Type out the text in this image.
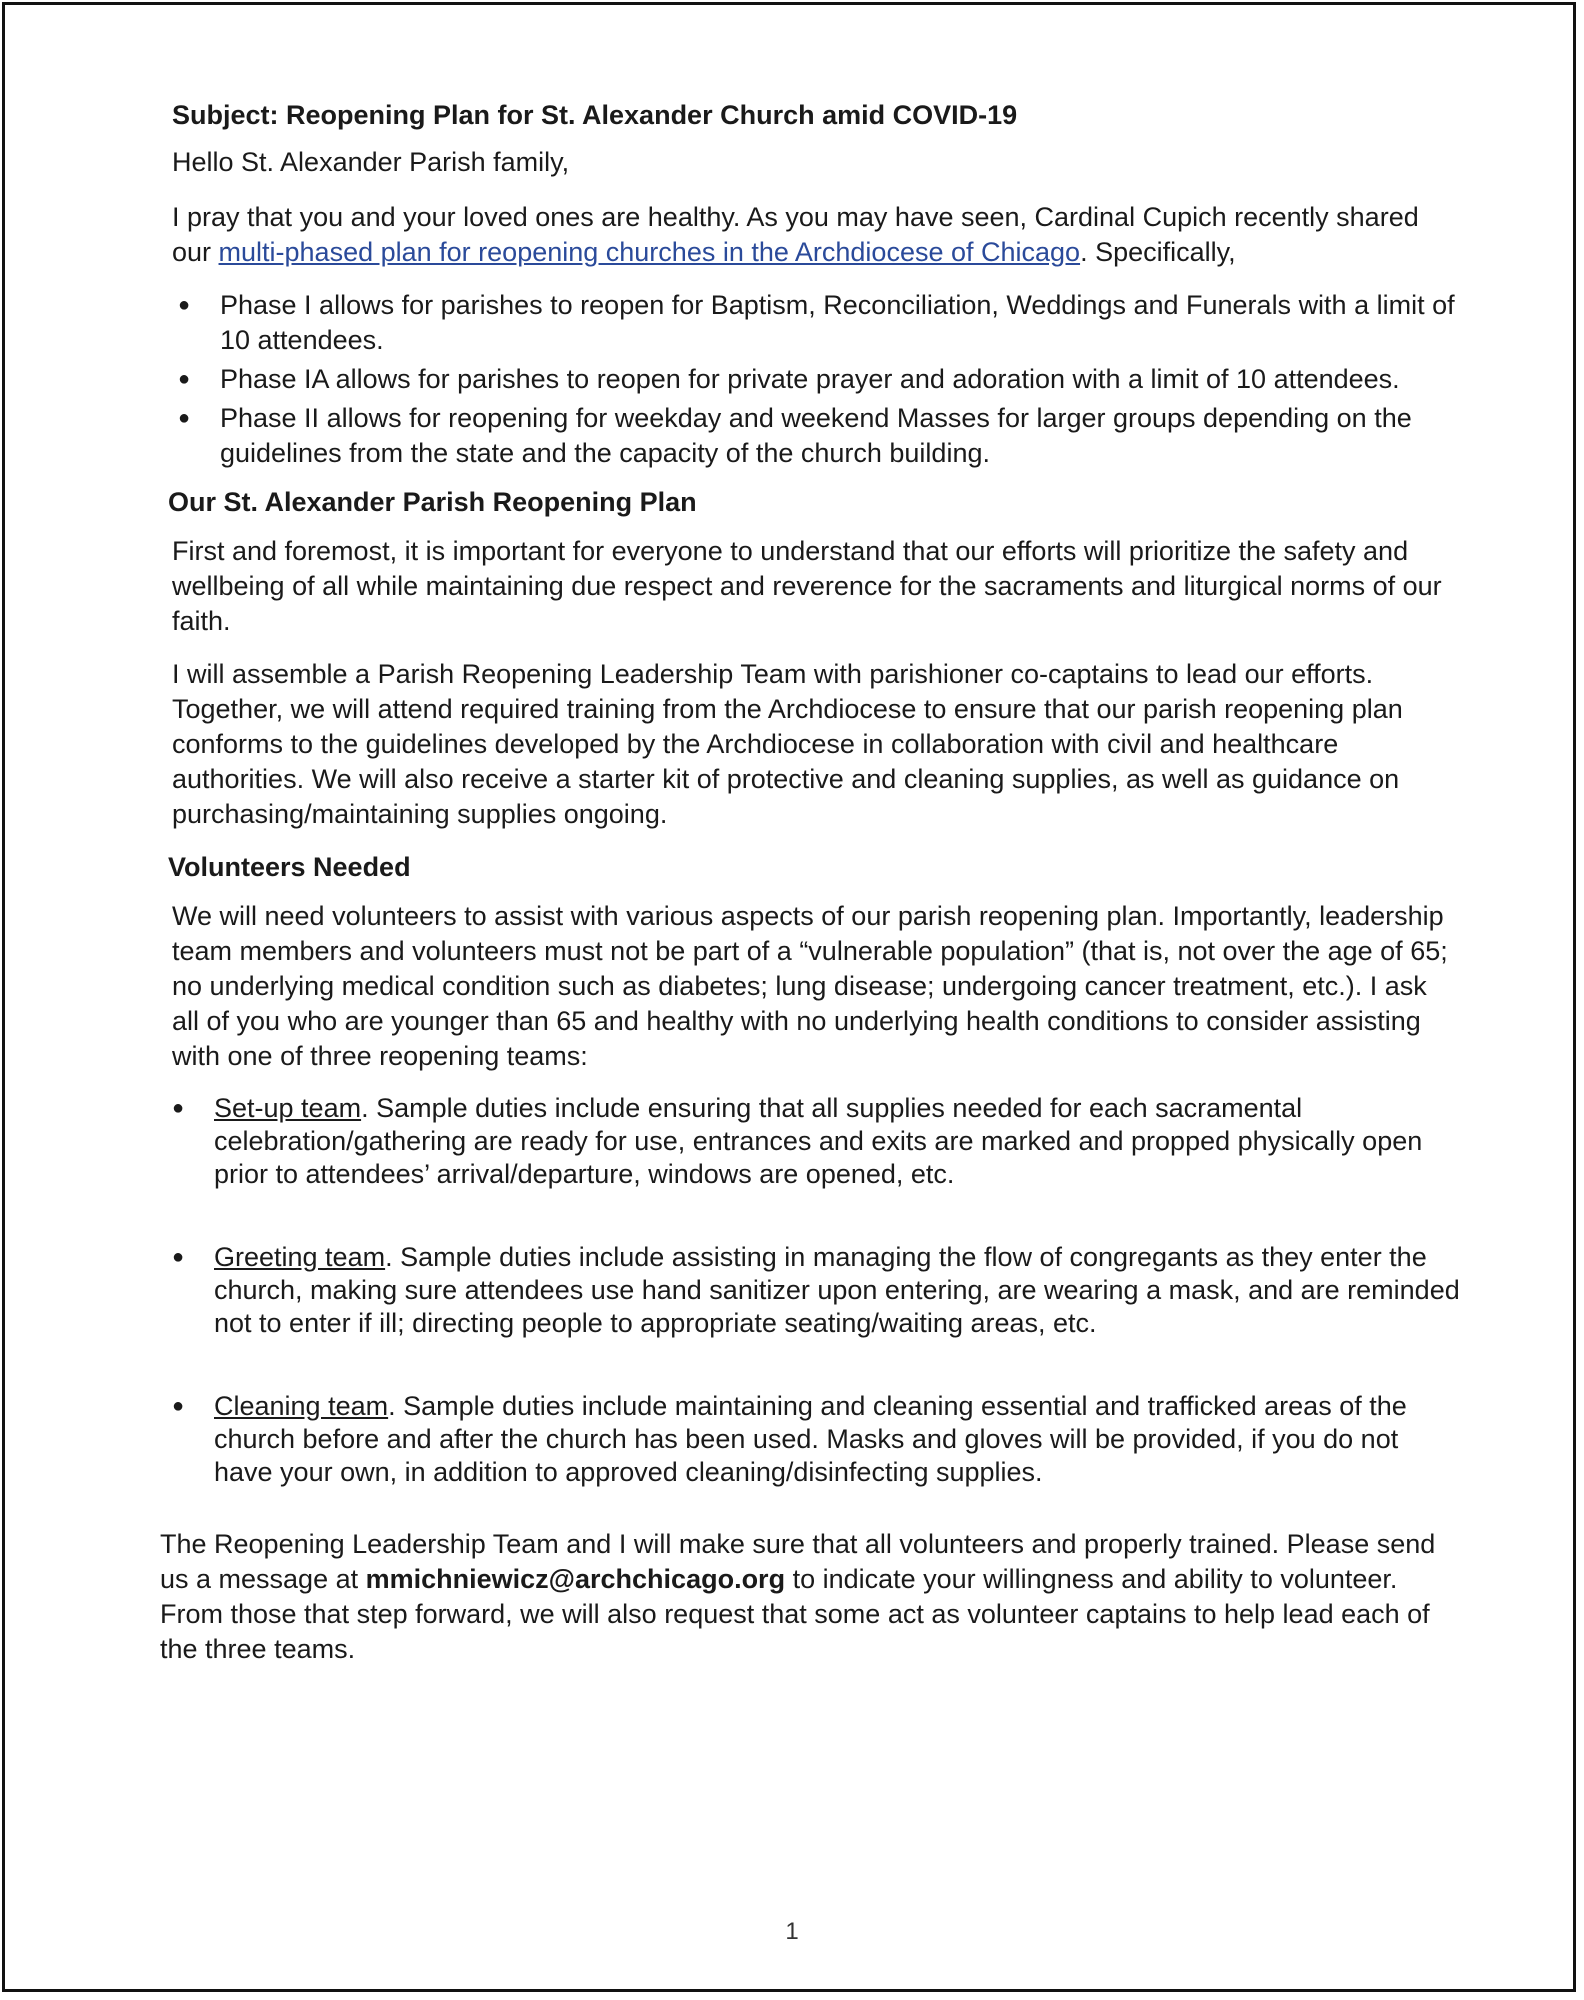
Subject: Reopening Plan for St. Alexander Church amid COVID-19
Hello St. Alexander Parish family,
I pray that you and your loved ones are healthy. As you may have seen, Cardinal Cupich recently shared our multi-phased plan for reopening churches in the Archdiocese of Chicago. Specifically,
● Phase I allows for parishes to reopen for Baptism, Reconciliation, Weddings and Funerals with a limit of 10 attendees.
● Phase IA allows for parishes to reopen for private prayer and adoration with a limit of 10 attendees.
● Phase II allows for reopening for weekday and weekend Masses for larger groups depending on the guidelines from the state and the capacity of the church building.
Our St. Alexander Parish Reopening Plan
First and foremost, it is important for everyone to understand that our efforts will prioritize the safety and wellbeing of all while maintaining due respect and reverence for the sacraments and liturgical norms of our faith.
I will assemble a Parish Reopening Leadership Team with parishioner co-captains to lead our efforts. Together, we will attend required training from the Archdiocese to ensure that our parish reopening plan conforms to the guidelines developed by the Archdiocese in collaboration with civil and healthcare authorities. We will also receive a starter kit of protective and cleaning supplies, as well as guidance on purchasing/maintaining supplies ongoing.
Volunteers Needed
We will need volunteers to assist with various aspects of our parish reopening plan. Importantly, leadership team members and volunteers must not be part of a “vulnerable population” (that is, not over the age of 65; no underlying medical condition such as diabetes; lung disease; undergoing cancer treatment, etc.). I ask all of you who are younger than 65 and healthy with no underlying health conditions to consider assisting with one of three reopening teams:
● Set-up team. Sample duties include ensuring that all supplies needed for each sacramental celebration/gathering are ready for use, entrances and exits are marked and propped physically open prior to attendees’ arrival/departure, windows are opened, etc.
● Greeting team. Sample duties include assisting in managing the flow of congregants as they enter the church, making sure attendees use hand sanitizer upon entering, are wearing a mask, and are reminded not to enter if ill; directing people to appropriate seating/waiting areas, etc.
● Cleaning team. Sample duties include maintaining and cleaning essential and trafficked areas of the church before and after the church has been used. Masks and gloves will be provided, if you do not have your own, in addition to approved cleaning/disinfecting supplies.
The Reopening Leadership Team and I will make sure that all volunteers and properly trained. Please send us a message at mmichniewicz@archchicago.org to indicate your willingness and ability to volunteer. From those that step forward, we will also request that some act as volunteer captains to help lead each of the three teams.
1
